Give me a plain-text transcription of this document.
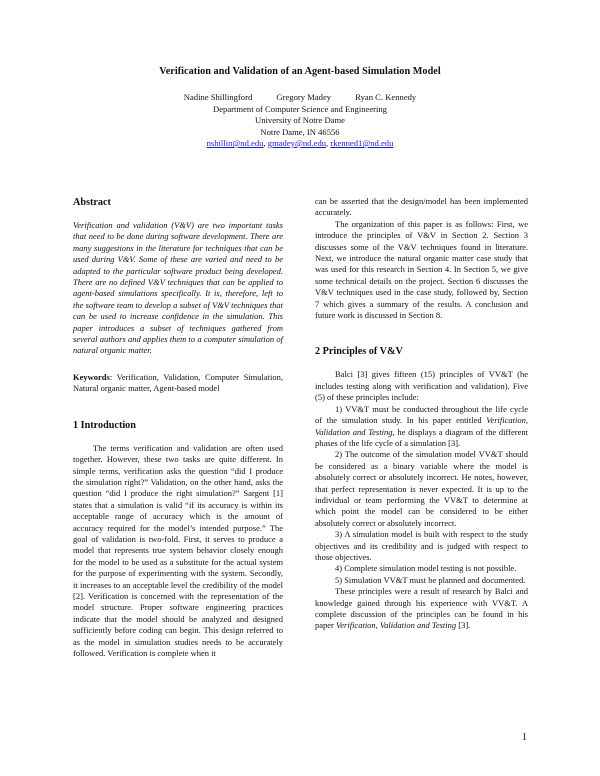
Verification and Validation of an Agent-based Simulation Model

Nadine Shillingford	Gregory Madey	Ryan C. Kennedy

Department of Computer Science and Engineering

University of Notre Dame

Notre Dame, IN 46556

nshillin@nd.edu, gmadey@nd.edu, rkenned1@nd.edu

Abstract

Verification and validation (V&V) are two important tasks that need to be done during software development. There are many suggestions in the literature for techniques that can be used during V&V. Some of these are varied and need to be adapted to the particular software product being developed. There are no defined V&V techniques that can be applied to agent-based simulations specifically. It is, therefore, left to the software team to develop a subset of V&V techniques that can be used to increase confidence in the simulation. This paper introduces a subset of techniques gathered from several authors and applies them to a computer simulation of natural organic matter.

Keywords: Verification, Validation, Computer Simulation, Natural organic matter, Agent-based model

1 Introduction

The terms verification and validation are often used together. However, these two tasks are quite different. In simple terms, verification asks the question “did I produce the simulation right?” Validation, on the other hand, asks the question “did I produce the right simulation?” Sargent [1] states that a simulation is valid “if its accuracy is within its acceptable range of accuracy which is the amount of accuracy required for the model’s intended purpose.” The goal of validation is two-fold. First, it serves to produce a model that represents true system behavior closely enough for the model to be used as a substitute for the actual system for the purpose of experimenting with the system. Secondly, it increases to an acceptable level the credibility of the model [2]. Verification is concerned with the representation of the model structure. Proper software engineering practices indicate that the model should be analyzed and designed sufficiently before coding can begin. This design referred to as the model in simulation studies needs to be accurately followed. Verification is complete when it

can be asserted that the design/model has been implemented accurately.

The organization of this paper is as follows: First, we introduce the principles of V&V in Section 2. Section 3 discusses some of the V&V techniques found in literature. Next, we introduce the natural organic matter case study that was used for this research in Section 4. In Section 5, we give some technical details on the project. Section 6 discusses the V&V techniques used in the case study, followed by, Section 7 which gives a summary of the results. A conclusion and future work is discussed in Section 8.

2 Principles of V&V

Balci [3] gives fifteen (15) principles of VV&T (he includes testing along with verification and validation). Five (5) of these principles include:

1) VV&T must be conducted throughout the life cycle of the simulation study. In his paper entitled Verification, Validation and Testing, he displays a diagram of the different phases of the life cycle of a simulation [3].

2) The outcome of the simulation model VV&T should be considered as a binary variable where the model is absolutely correct or absolutely incorrect. He notes, however, that perfect representation is never expected. It is up to the individual or team performing the VV&T to determine at which point the model can be considered to be either absolutely correct or absolutely incorrect.

3) A simulation model is built with respect to the study objectives and its credibility and is judged with respect to those objectives.

4) Complete simulation model testing is not possible.

5) Simulation VV&T must be planned and documented.

These principles were a result of research by Balci and knowledge gained through his experience with VV&T. A complete discussion of the principles can be found in his paper Verification, Validation and Testing [3].

1
